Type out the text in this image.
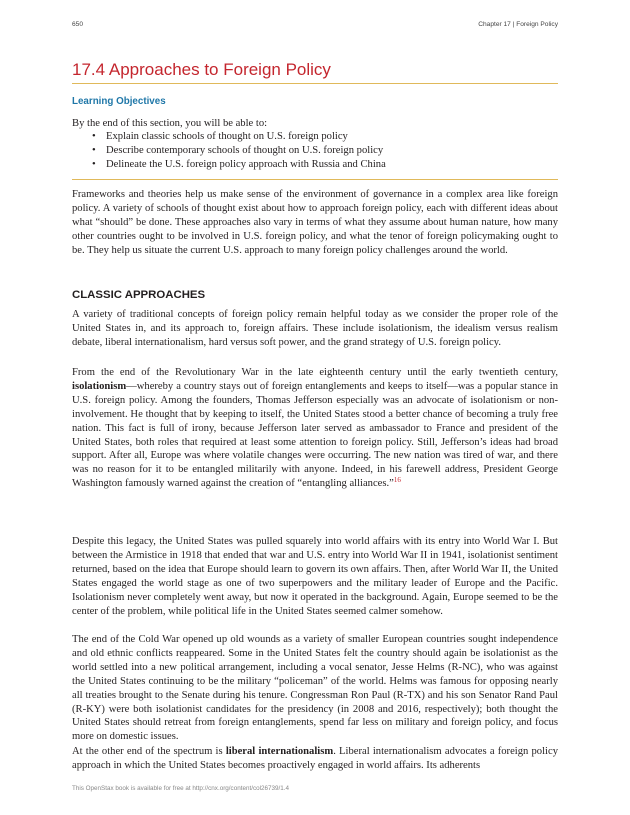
650	Chapter 17 | Foreign Policy
17.4 Approaches to Foreign Policy
Learning Objectives

By the end of this section, you will be able to:

• Explain classic schools of thought on U.S. foreign policy
• Describe contemporary schools of thought on U.S. foreign policy
• Delineate the U.S. foreign policy approach with Russia and China

Frameworks and theories help us make sense of the environment of governance in a complex area like foreign policy. A variety of schools of thought exist about how to approach foreign policy, each with different ideas about what “should” be done. These approaches also vary in terms of what they assume about human nature, how many other countries ought to be involved in U.S. foreign policy, and what the tenor of foreign policymaking ought to be. They help us situate the current U.S. approach to many foreign policy challenges around the world.

CLASSIC APPROACHES

A variety of traditional concepts of foreign policy remain helpful today as we consider the proper role of the United States in, and its approach to, foreign affairs. These include isolationism, the idealism versus realism debate, liberal internationalism, hard versus soft power, and the grand strategy of U.S. foreign policy.

From the end of the Revolutionary War in the late eighteenth century until the early twentieth century, isolationism—whereby a country stays out of foreign entanglements and keeps to itself—was a popular stance in U.S. foreign policy. Among the founders, Thomas Jefferson especially was an advocate of isolationism or non-involvement. He thought that by keeping to itself, the United States stood a better chance of becoming a truly free nation. This fact is full of irony, because Jefferson later served as ambassador to France and president of the United States, both roles that required at least some attention to foreign policy. Still, Jefferson’s ideas had broad support. After all, Europe was where volatile changes were occurring. The new nation was tired of war, and there was no reason for it to be entangled militarily with anyone. Indeed, in his farewell address, President George Washington famously warned against the creation of “entangling alliances.”$^{16}$

Despite this legacy, the United States was pulled squarely into world affairs with its entry into World War I. But between the Armistice in 1918 that ended that war and U.S. entry into World War II in 1941, isolationist sentiment returned, based on the idea that Europe should learn to govern its own affairs. Then, after World War II, the United States engaged the world stage as one of two superpowers and the military leader of Europe and the Pacific. Isolationism never completely went away, but now it operated in the background. Again, Europe seemed to be the center of the problem, while political life in the United States seemed calmer somehow.

The end of the Cold War opened up old wounds as a variety of smaller European countries sought independence and old ethnic conflicts reappeared. Some in the United States felt the country should again be isolationist as the world settled into a new political arrangement, including a vocal senator, Jesse Helms (R-NC), who was against the United States continuing to be the military “policeman” of the world. Helms was famous for opposing nearly all treaties brought to the Senate during his tenure. Congressman Ron Paul (R-TX) and his son Senator Rand Paul (R-KY) were both isolationist candidates for the presidency (in 2008 and 2016, respectively); both thought the United States should retreat from foreign entanglements, spend far less on military and foreign policy, and focus more on domestic issues.

At the other end of the spectrum is liberal internationalism. Liberal internationalism advocates a foreign policy approach in which the United States becomes proactively engaged in world affairs. Its adherents

This OpenStax book is available for free at http://cnx.org/content/col26739/1.4
